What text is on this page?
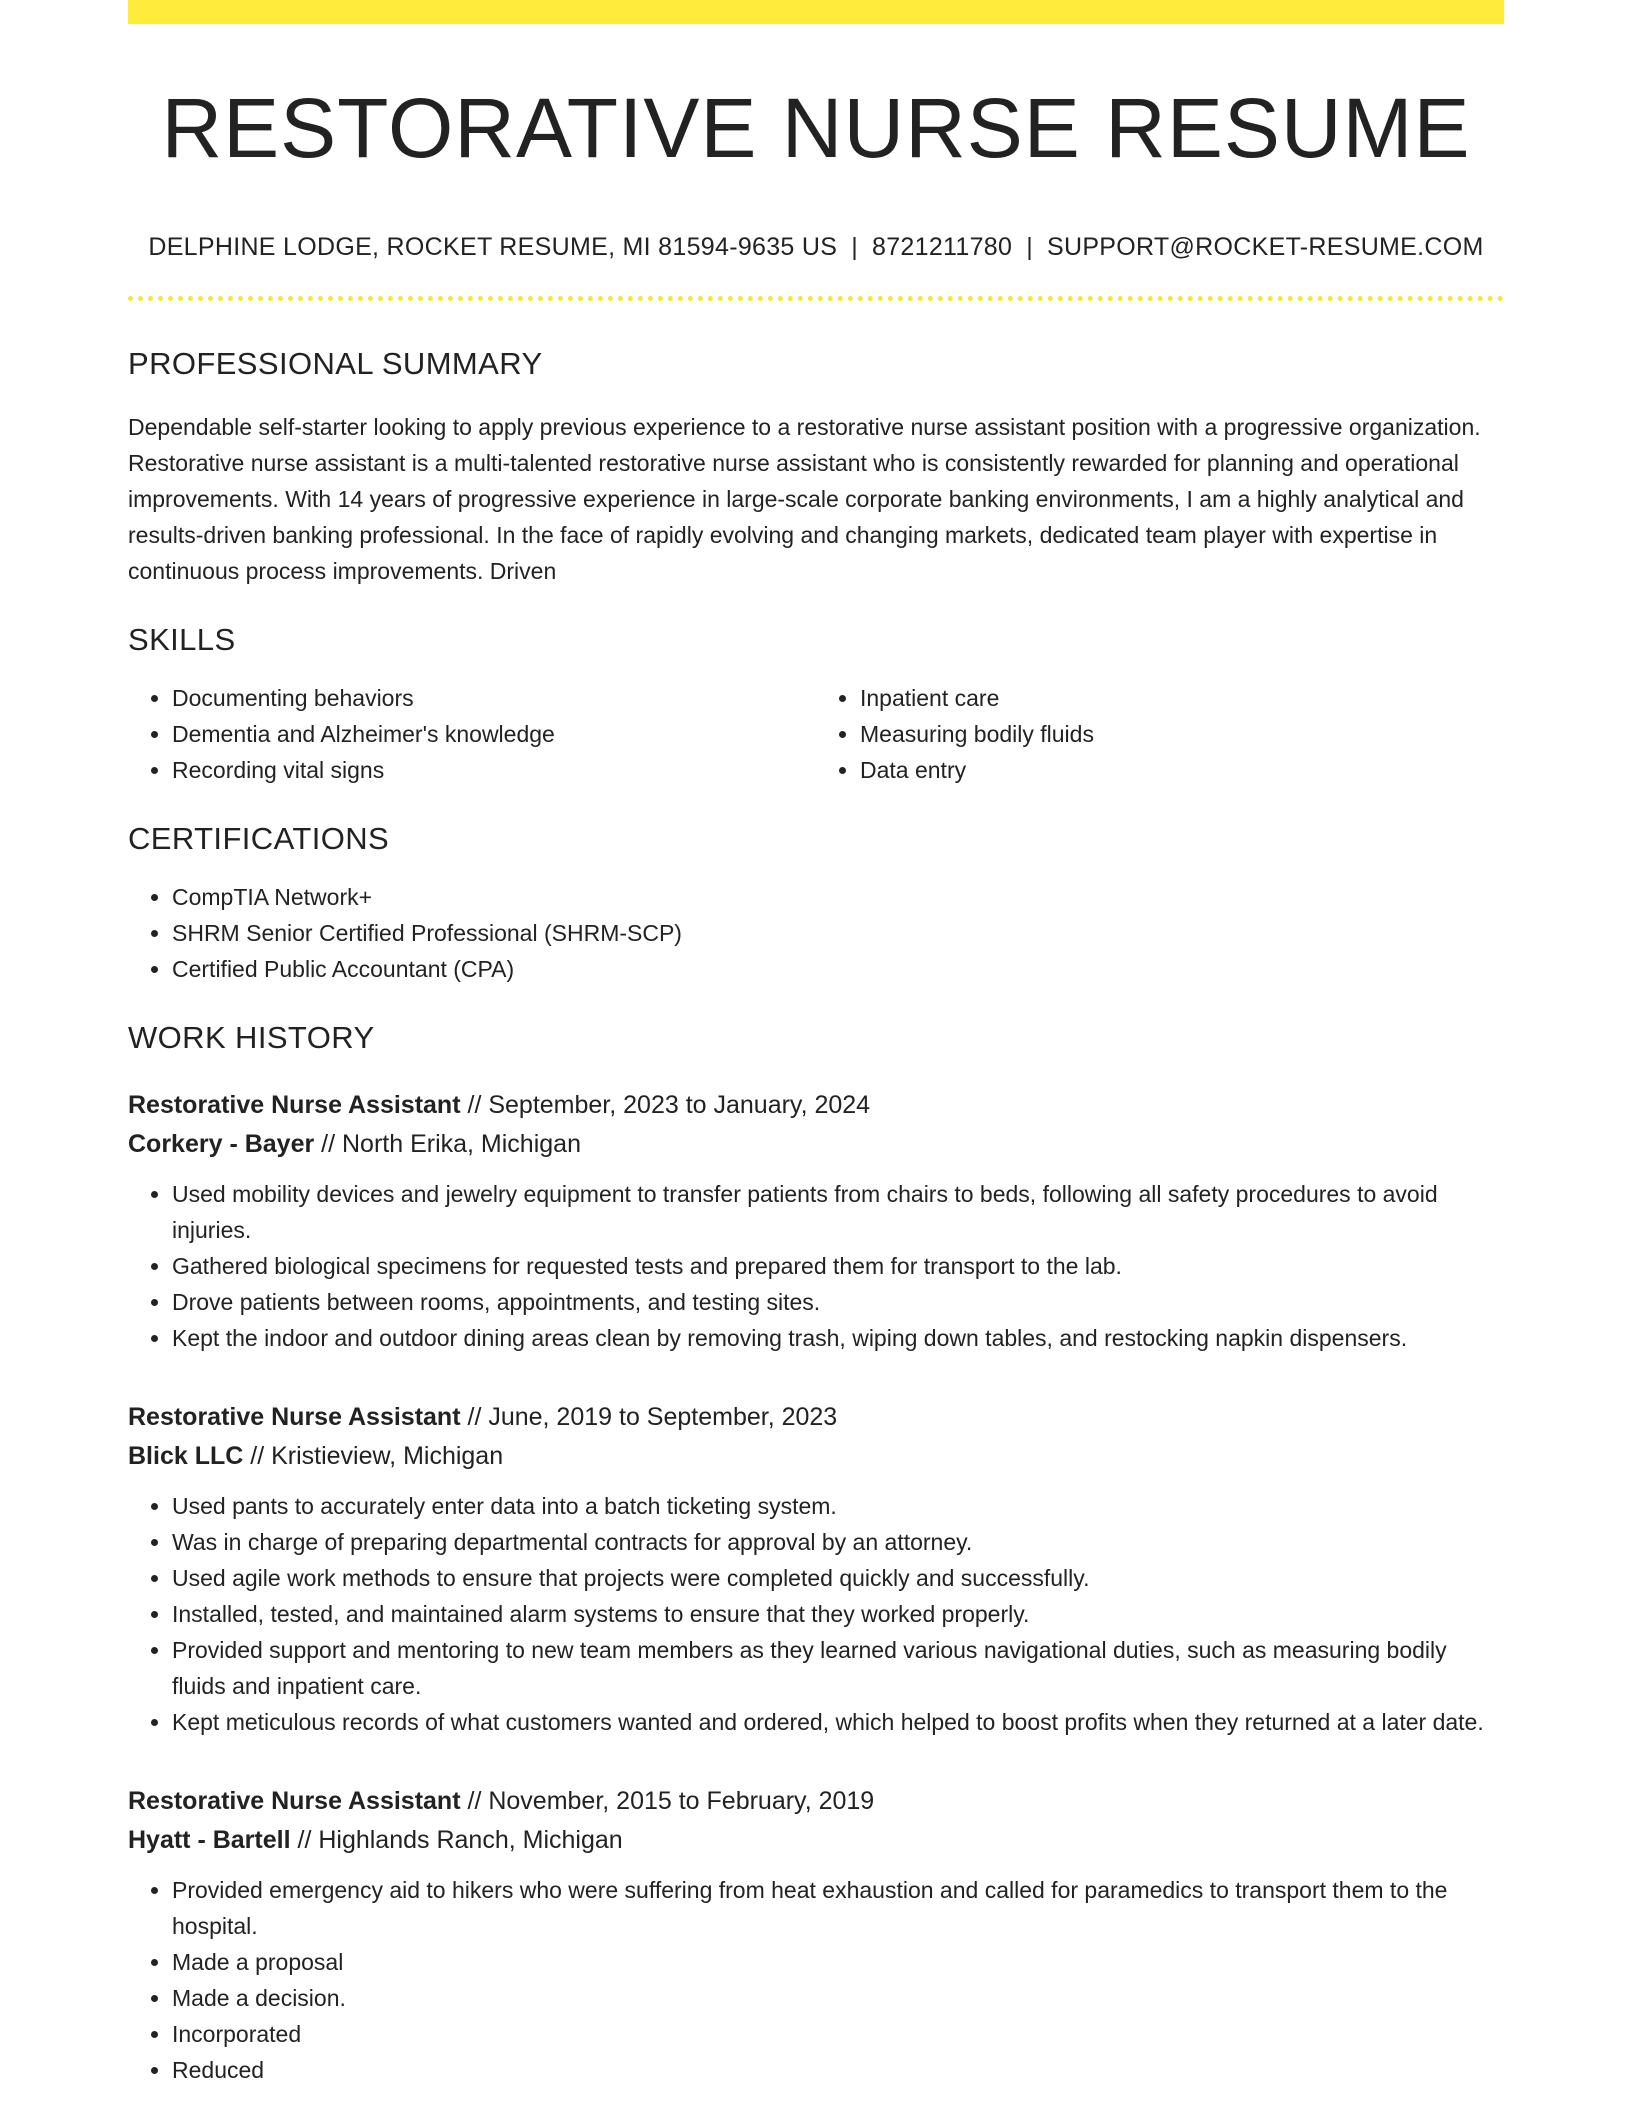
RESTORATIVE NURSE RESUME
DELPHINE LODGE, ROCKET RESUME, MI 81594-9635 US | 8721211780 | SUPPORT@ROCKET-RESUME.COM
PROFESSIONAL SUMMARY

Dependable self-starter looking to apply previous experience to a restorative nurse assistant position with a progressive organization. Restorative nurse assistant is a multi-talented restorative nurse assistant who is consistently rewarded for planning and operational improvements. With 14 years of progressive experience in large-scale corporate banking environments, I am a highly analytical and results-driven banking professional. In the face of rapidly evolving and changing markets, dedicated team player with expertise in continuous process improvements. Driven

SKILLS
• Documenting behaviors
• Dementia and Alzheimer's knowledge
• Recording vital signs
• Inpatient care
• Measuring bodily fluids
• Data entry
CERTIFICATIONS
• CompTIA Network+
• SHRM Senior Certified Professional (SHRM-SCP)
• Certified Public Accountant (CPA)
WORK HISTORY
Restorative Nurse Assistant // September, 2023 to January, 2024
Corkery - Bayer // North Erika, Michigan
• Used mobility devices and jewelry equipment to transfer patients from chairs to beds, following all safety procedures to avoid injuries.
• Gathered biological specimens for requested tests and prepared them for transport to the lab.
• Drove patients between rooms, appointments, and testing sites.
• Kept the indoor and outdoor dining areas clean by removing trash, wiping down tables, and restocking napkin dispensers.
Restorative Nurse Assistant // June, 2019 to September, 2023
Blick LLC // Kristieview, Michigan
• Used pants to accurately enter data into a batch ticketing system.
• Was in charge of preparing departmental contracts for approval by an attorney.
• Used agile work methods to ensure that projects were completed quickly and successfully.
• Installed, tested, and maintained alarm systems to ensure that they worked properly.
• Provided support and mentoring to new team members as they learned various navigational duties, such as measuring bodily fluids and inpatient care.
• Kept meticulous records of what customers wanted and ordered, which helped to boost profits when they returned at a later date.
Restorative Nurse Assistant // November, 2015 to February, 2019
Hyatt - Bartell // Highlands Ranch, Michigan
• Provided emergency aid to hikers who were suffering from heat exhaustion and called for paramedics to transport them to the hospital.
• Made a proposal
• Made a decision.
• Incorporated
• Reduced
